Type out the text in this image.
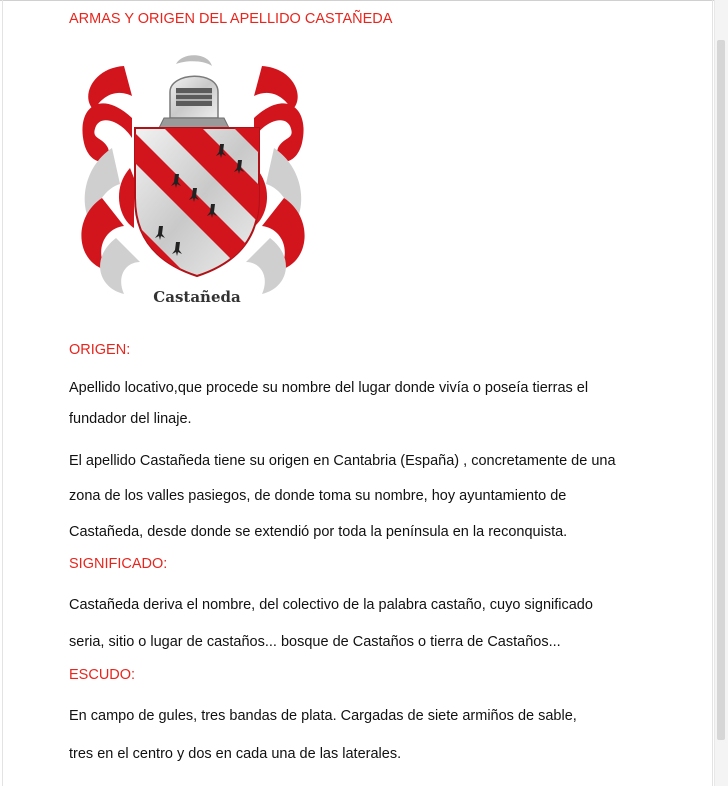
ARMAS Y ORIGEN DEL APELLIDO CASTAÑEDA
Castañeda
ORIGEN:
Apellido locativo,que procede su nombre del lugar donde vivía o poseía tierras el
fundador del linaje.
El apellido Castañeda tiene su origen en Cantabria (España) , concretamente de una
zona de los valles pasiegos, de donde toma su nombre, hoy ayuntamiento de
Castañeda, desde donde se extendió por toda la península en la reconquista.
SIGNIFICADO:
Castañeda deriva el nombre, del colectivo de la palabra castaño, cuyo significado
seria, sitio o lugar de castaños... bosque de Castaños o tierra de Castaños...
ESCUDO:
En campo de gules, tres bandas de plata. Cargadas de siete armiños de sable,
tres en el centro y dos en cada una de las laterales.
